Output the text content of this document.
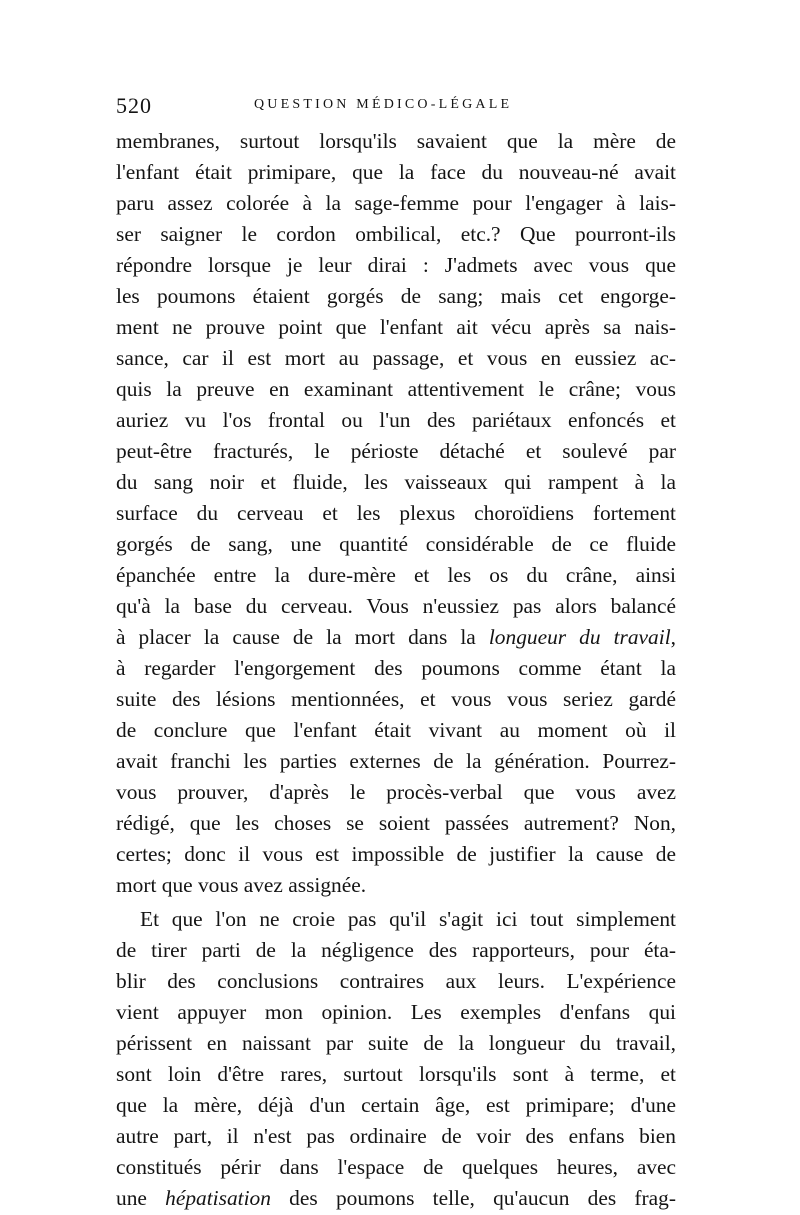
520	QUESTION MÉDICO-LÉGALE
membranes, surtout lorsqu'ils savaient que la mère de
l'enfant était primipare, que la face du nouveau-né avait
paru assez colorée à la sage-femme pour l'engager à lais-
ser saigner le cordon ombilical, etc.? Que pourront-ils
répondre lorsque je leur dirai : J'admets avec vous que
les poumons étaient gorgés de sang; mais cet engorge-
ment ne prouve point que l'enfant ait vécu après sa nais-
sance, car il est mort au passage, et vous en eussiez ac-
quis la preuve en examinant attentivement le crâne; vous
auriez vu l'os frontal ou l'un des pariétaux enfoncés et
peut-être fracturés, le périoste détaché et soulevé par
du sang noir et fluide, les vaisseaux qui rampent à la
surface du cerveau et les plexus choroïdiens fortement
gorgés de sang, une quantité considérable de ce fluide
épanchée entre la dure-mère et les os du crâne, ainsi
qu'à la base du cerveau. Vous n'eussiez pas alors balancé
à placer la cause de la mort dans la longueur du travail,
à regarder l'engorgement des poumons comme étant la
suite des lésions mentionnées, et vous vous seriez gardé
de conclure que l'enfant était vivant au moment où il
avait franchi les parties externes de la génération. Pourrez-
vous prouver, d'après le procès-verbal que vous avez
rédigé, que les choses se soient passées autrement? Non,
certes; donc il vous est impossible de justifier la cause de
mort que vous avez assignée.
Et que l'on ne croie pas qu'il s'agit ici tout simplement
de tirer parti de la négligence des rapporteurs, pour éta-
blir des conclusions contraires aux leurs. L'expérience
vient appuyer mon opinion. Les exemples d'enfans qui
périssent en naissant par suite de la longueur du travail,
sont loin d'être rares, surtout lorsqu'ils sont à terme, et
que la mère, déjà d'un certain âge, est primipare; d'une
autre part, il n'est pas ordinaire de voir des enfans bien
constitués périr dans l'espace de quelques heures, avec
une hépatisation des poumons telle, qu'aucun des frag-
